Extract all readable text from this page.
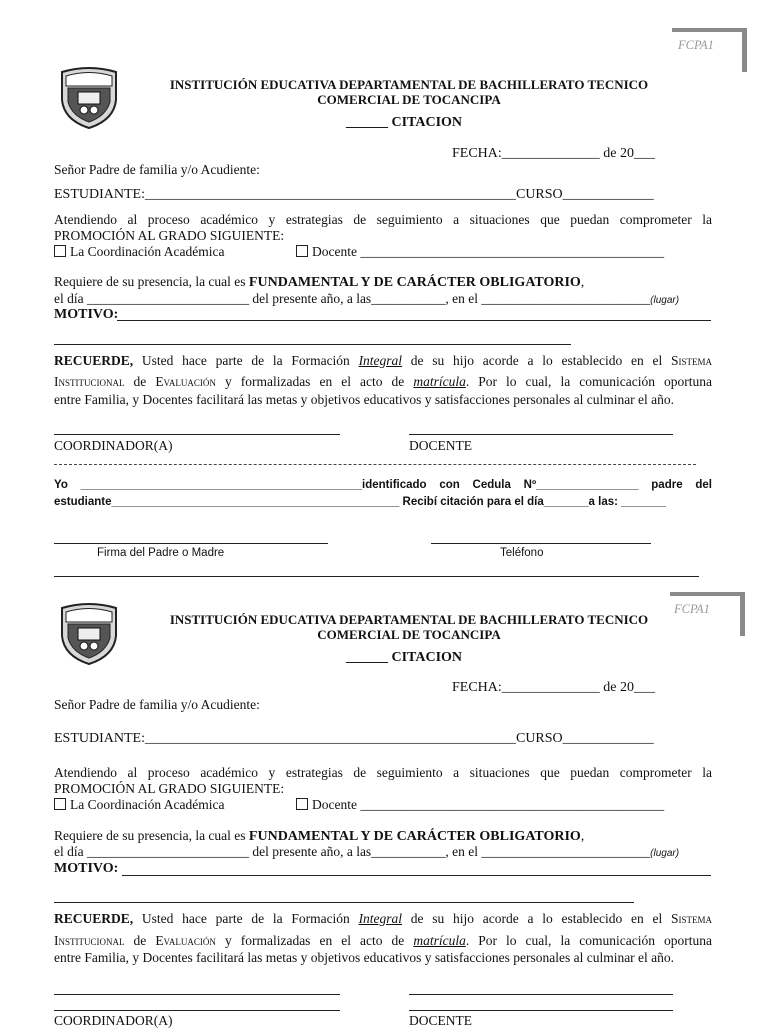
FCPA1
INSTITUCIÓN EDUCATIVA DEPARTAMENTAL DE BACHILLERATO TECNICO
COMERCIAL DE TOCANCIPA
______ CITACION
FECHA:______________ de 20___
Señor Padre de familia y/o Acudiente:
ESTUDIANTE:_____________________________________________________CURSO_____________
Atendiendo al proceso académico y estrategias de seguimiento a situaciones que puedan comprometer la
PROMOCIÓN AL GRADO SIGUIENTE:
La Coordinación Académica	Docente _____________________________________________
Requiere de su presencia, la cual es FUNDAMENTAL Y DE CARÁCTER OBLIGATORIO,
el día ________________________ del presente año, a las___________, en el _________________________(lugar)
MOTIVO:
RECUERDE, Usted hace parte de la Formación Integral de su hijo acorde a lo establecido en el Sistema
Institucional de Evaluación y formalizadas en el acto de matrícula. Por lo cual, la comunicación oportuna
entre Familia, y Docentes facilitará las metas y objetivos educativos y satisfacciones personales al culminar el año.
COORDINADOR(A)	DOCENTE
Yo ____________________________________________identificado con Cedula Nº________________ padre del
estudiante_____________________________________________ Recibí citación para el día_______a las: _______
Firma del Padre o Madre	Teléfono
FCPA1
INSTITUCIÓN EDUCATIVA DEPARTAMENTAL DE BACHILLERATO TECNICO
COMERCIAL DE TOCANCIPA
______ CITACION
FECHA:______________ de 20___
Señor Padre de familia y/o Acudiente:
ESTUDIANTE:_____________________________________________________CURSO_____________
Atendiendo al proceso académico y estrategias de seguimiento a situaciones que puedan comprometer la
PROMOCIÓN AL GRADO SIGUIENTE:
La Coordinación Académica	Docente _____________________________________________
Requiere de su presencia, la cual es FUNDAMENTAL Y DE CARÁCTER OBLIGATORIO,
el día ________________________ del presente año, a las___________, en el _________________________(lugar)
MOTIVO:
RECUERDE, Usted hace parte de la Formación Integral de su hijo acorde a lo establecido en el Sistema
Institucional de Evaluación y formalizadas en el acto de matrícula. Por lo cual, la comunicación oportuna
entre Familia, y Docentes facilitará las metas y objetivos educativos y satisfacciones personales al culminar el año.
COORDINADOR(A)	DOCENTE
